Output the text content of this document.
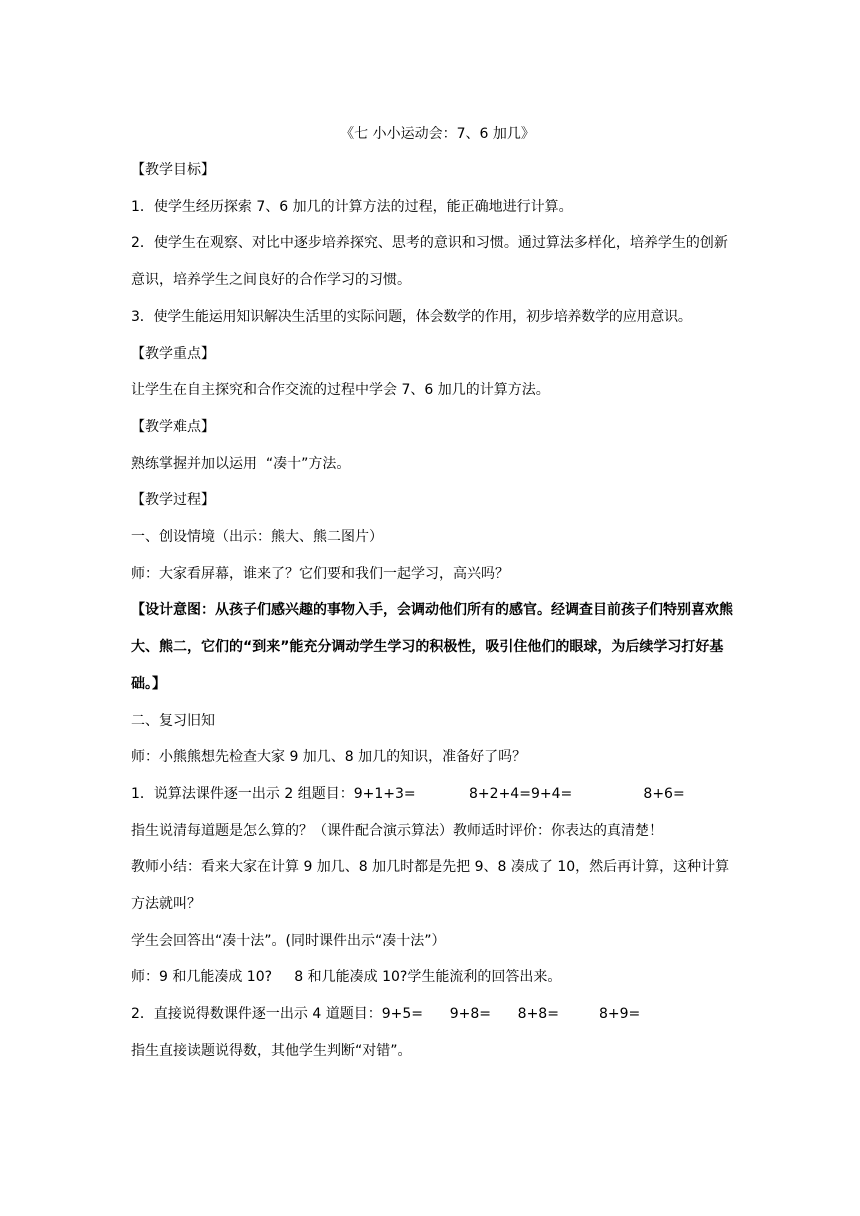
《七 小小运动会：7、6 加几》

【教学目标】

1．使学生经历探索 7、6 加几的计算方法的过程，能正确地进行计算。

2．使学生在观察、对比中逐步培养探究、思考的意识和习惯。通过算法多样化，培养学生的创新意识，培养学生之间良好的合作学习的习惯。

3．使学生能运用知识解决生活里的实际问题，体会数学的作用，初步培养数学的应用意识。

【教学重点】

让学生在自主探究和合作交流的过程中学会 7、6 加几的计算方法。

【教学难点】

熟练掌握并加以运用  “凑十”方法。

【教学过程】

一、创设情境（出示：熊大、熊二图片）

师：大家看屏幕，谁来了？它们要和我们一起学习，高兴吗？

【设计意图：从孩子们感兴趣的事物入手，会调动他们所有的感官。经调查目前孩子们特别喜欢熊大、熊二，它们的“到来”能充分调动学生学习的积极性，吸引住他们的眼球，为后续学习打好基础。】

二、复习旧知

师：小熊熊想先检查大家 9 加几、8 加几的知识，准备好了吗？

1．说算法课件逐一出示 2 组题目：9+1+3=            8+2+4=9+4=                8+6=

指生说清每道题是怎么算的？（课件配合演示算法）教师适时评价：你表达的真清楚！

教师小结：看来大家在计算 9 加几、8 加几时都是先把 9、8 凑成了 10，然后再计算，这种计算方法就叫？

学生会回答出“凑十法”。(同时课件出示“凑十法”）

师：9 和几能凑成 10?     8 和几能凑成 10?学生能流利的回答出来。

2．直接说得数课件逐一出示 4 道题目：9+5=      9+8=      8+8=         8+9=

指生直接读题说得数，其他学生判断“对错”。
